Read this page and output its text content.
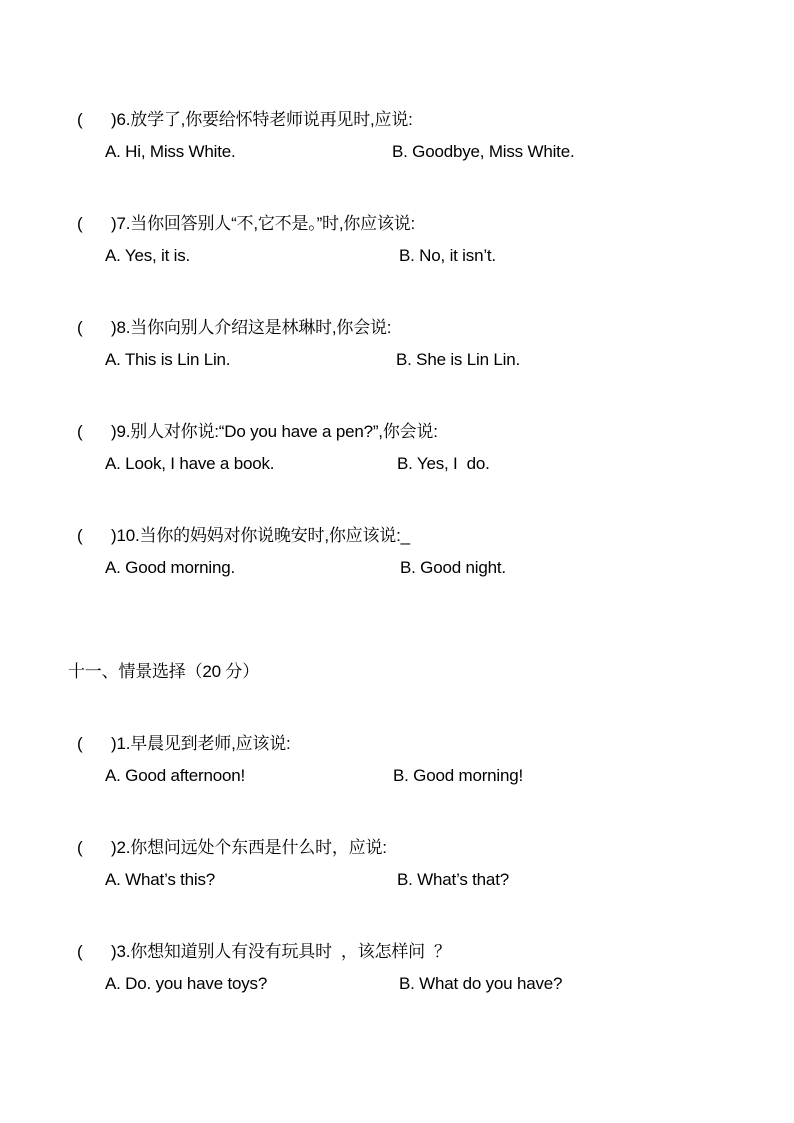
( )6.放学了,你要给怀特老师说再见时,应说:

A. Hi, Miss White.	B. Goodbye, Miss White.

( )7.当你回答别人“不,它不是。”时,你应该说:

A. Yes, it is.	B. No, it isn’t.

( )8.当你向别人介绍这是林琳时,你会说:

A. This is Lin Lin.	B. She is Lin Lin.

( )9.别人对你说:“Do you have a pen?”,你会说:

A. Look, I have a book.	B. Yes, I  do.

( )10.当你的妈妈对你说晚安时,你应该说:_

A. Good morning.	B. Good night.
十一、情景选择（20 分）

( )1.早晨见到老师,应该说:

A. Good afternoon!	B. Good morning!

( )2.你想问远处个东西是什么时，应说:

A. What’s this?	B. What’s that?

( )3.你想知道别人有没有玩具时  ，该怎样问  ？

A. Do. you have toys?	B. What do you have?
